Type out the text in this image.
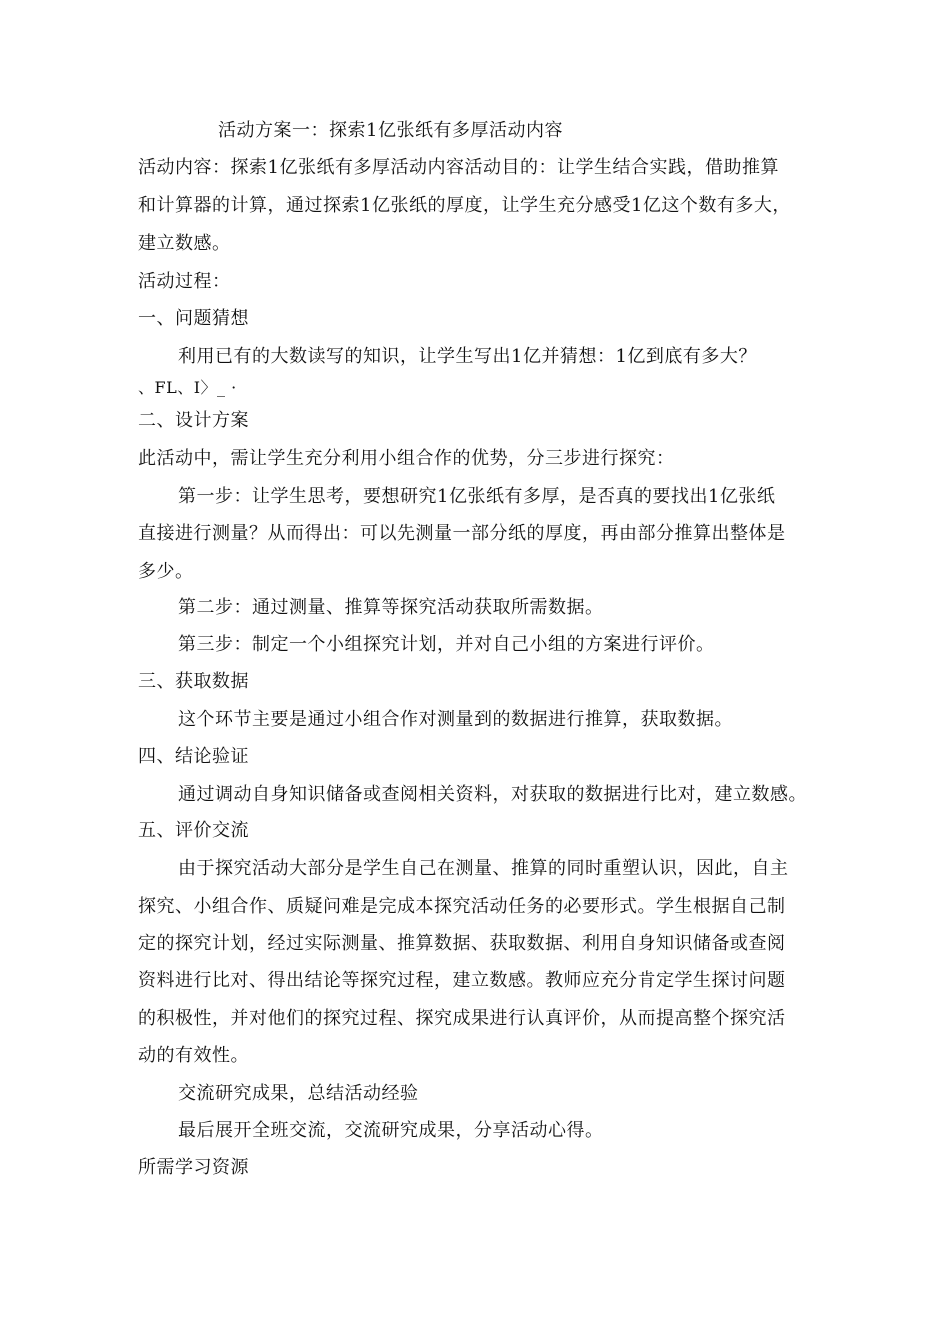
活动方案一：探索1亿张纸有多厚活动内容
活动内容：探索1亿张纸有多厚活动内容活动目的：让学生结合实践，借助推算
和计算器的计算，通过探索1亿张纸的厚度，让学生充分感受1亿这个数有多大，
建立数感。
活动过程：
一、问题猜想
利用已有的大数读写的知识，让学生写出1亿并猜想：1亿到底有多大？
、FL、I〉_ ·
二、设计方案
此活动中，需让学生充分利用小组合作的优势，分三步进行探究：
第一步：让学生思考，要想研究1亿张纸有多厚，是否真的要找出1亿张纸
直接进行测量？从而得出：可以先测量一部分纸的厚度，再由部分推算出整体是
多少。
第二步：通过测量、推算等探究活动获取所需数据。
第三步：制定一个小组探究计划，并对自己小组的方案进行评价。
三、获取数据
这个环节主要是通过小组合作对测量到的数据进行推算，获取数据。
四、结论验证
通过调动自身知识储备或查阅相关资料，对获取的数据进行比对，建立数感。
五、评价交流
由于探究活动大部分是学生自己在测量、推算的同时重塑认识，因此，自主
探究、小组合作、质疑问难是完成本探究活动任务的必要形式。学生根据自己制
定的探究计划，经过实际测量、推算数据、获取数据、利用自身知识储备或查阅
资料进行比对、得出结论等探究过程，建立数感。教师应充分肯定学生探讨问题
的积极性，并对他们的探究过程、探究成果进行认真评价，从而提高整个探究活
动的有效性。
交流研究成果，总结活动经验
最后展开全班交流，交流研究成果，分享活动心得。
所需学习资源
